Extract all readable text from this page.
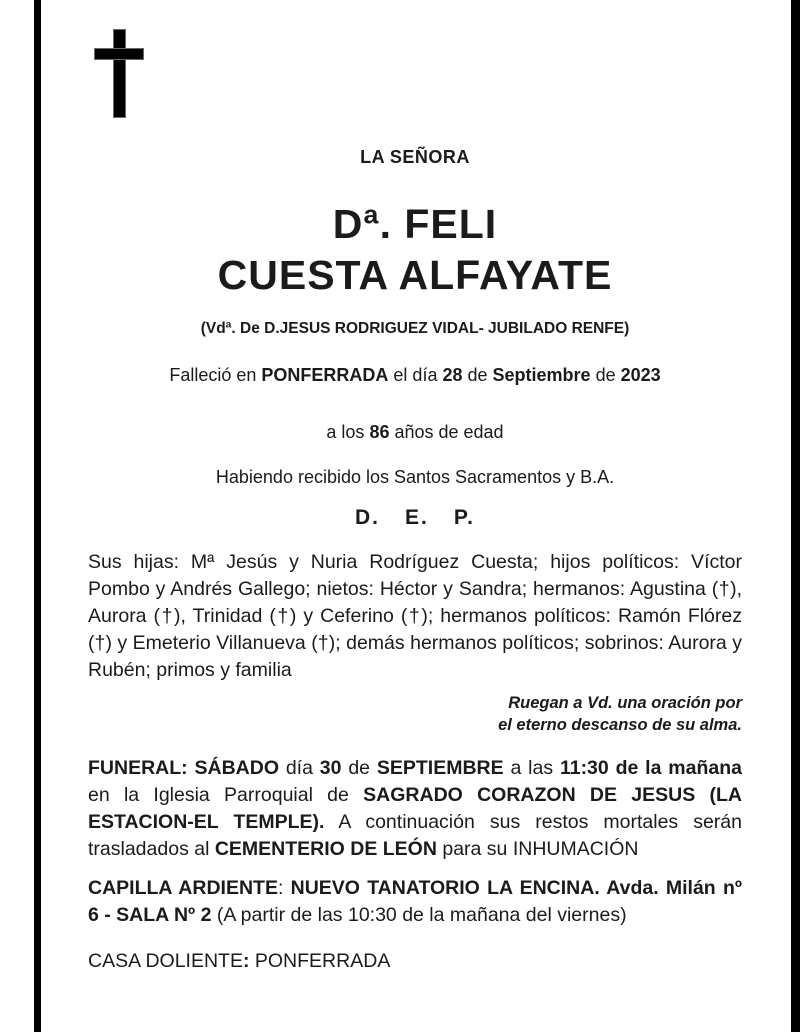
LA SEÑORA
Dª. FELI
CUESTA ALFAYATE
(Vdª. De D.JESUS RODRIGUEZ VIDAL- JUBILADO RENFE)
Falleció en PONFERRADA el día 28 de Septiembre de 2023
a los 86 años de edad
Habiendo recibido los Santos Sacramentos y B.A.
D.  E.  P.
Sus hijas: Mª Jesús y Nuria Rodríguez Cuesta; hijos políticos: Víctor Pombo y Andrés Gallego; nietos: Héctor y Sandra; hermanos: Agustina (†), Aurora (†), Trinidad (†) y Ceferino (†); hermanos políticos: Ramón Flórez (†) y Emeterio Villanueva (†); demás hermanos políticos; sobrinos: Aurora y Rubén; primos y familia
Ruegan a Vd. una oración por
el eterno descanso de su alma.
FUNERAL: SÁBADO día 30 de SEPTIEMBRE a las 11:30 de la mañana en la Iglesia Parroquial de SAGRADO CORAZON DE JESUS (LA ESTACION-EL TEMPLE). A continuación sus restos mortales serán trasladados al CEMENTERIO DE LEÓN para su INHUMACIÓN
CAPILLA ARDIENTE: NUEVO TANATORIO LA ENCINA. Avda. Milán nº 6 - SALA Nº 2 (A partir de las 10:30 de la mañana del viernes)
CASA DOLIENTE: PONFERRADA
